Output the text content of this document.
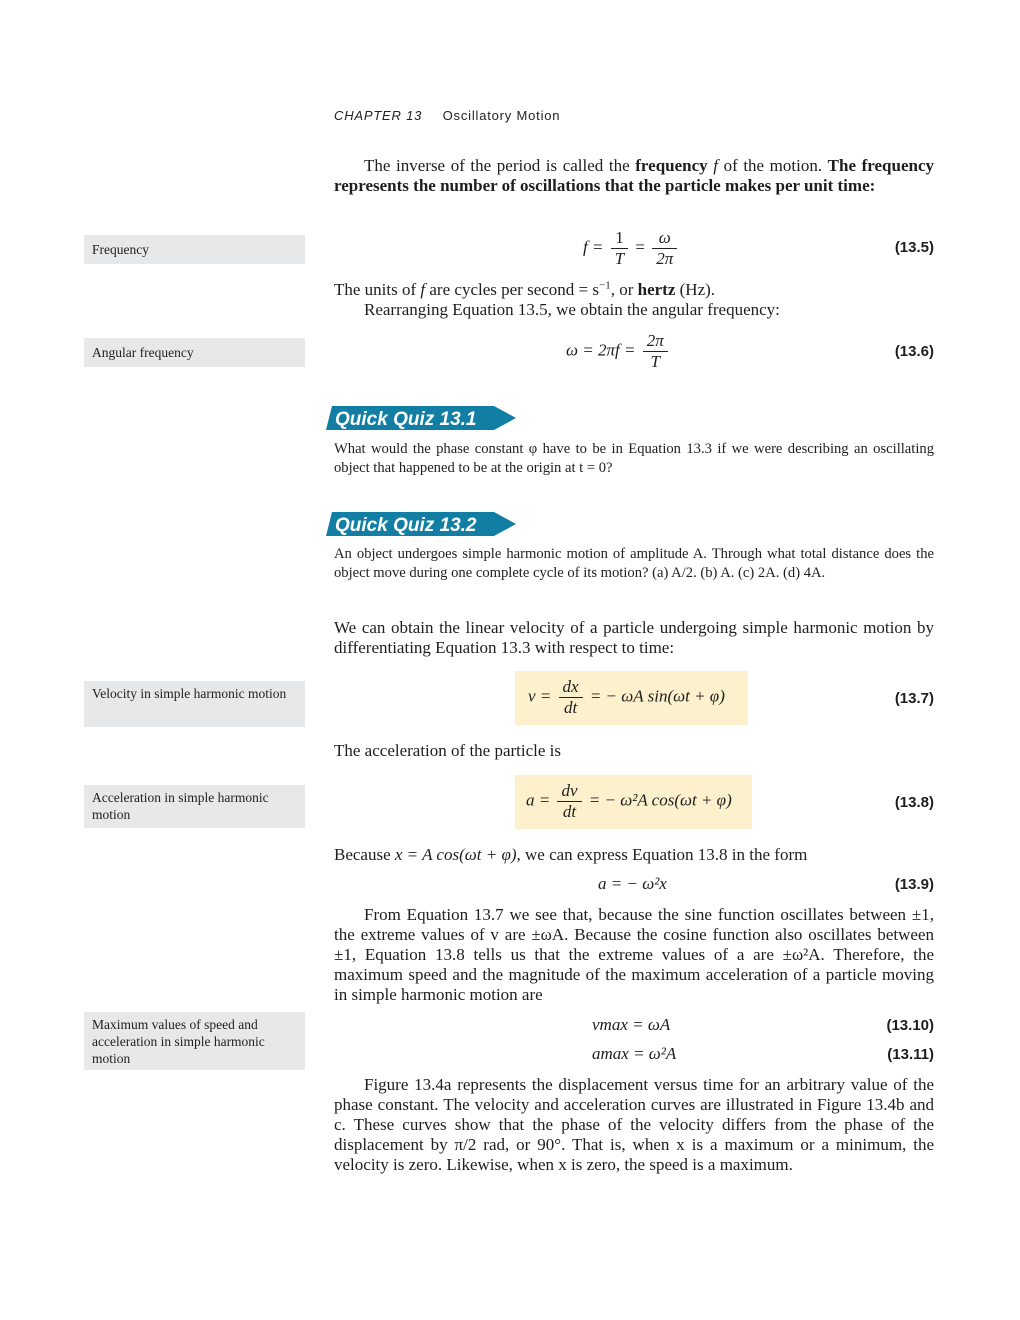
CHAPTER 13 Oscillatory Motion
The inverse of the period is called the frequency f of the motion. The frequency represents the number of oscillations that the particle makes per unit time:
Frequency	$f = \frac{1}{T} = \frac{\omega}{2\pi}$	(13.5)
The units of f are cycles per second = $s^{-1}$, or hertz (Hz).
Rearranging Equation 13.5, we obtain the angular frequency:
Angular frequency	$\omega = 2\pi f = \frac{2\pi}{T}$	(13.6)
Quick Quiz 13.1
What would the phase constant φ have to be in Equation 13.3 if we were describing an oscillating object that happened to be at the origin at t = 0?
Quick Quiz 13.2
An object undergoes simple harmonic motion of amplitude A. Through what total distance does the object move during one complete cycle of its motion? (a) A/2. (b) A. (c) 2A. (d) 4A.
We can obtain the linear velocity of a particle undergoing simple harmonic motion by differentiating Equation 13.3 with respect to time:
Velocity in simple harmonic motion	$v = \frac{dx}{dt}$ = − ωA sin(ωt + φ)	(13.7)
The acceleration of the particle is
Acceleration in simple harmonic motion
$a = \frac{dv}{dt}$ = − ω²A cos(ωt + φ)	(13.8)
Because x = A cos(ωt + φ), we can express Equation 13.8 in the form
a = − ω²x	(13.9)
From Equation 13.7 we see that, because the sine function oscillates between ±1, the extreme values of v are ±ωA. Because the cosine function also oscillates between ±1, Equation 13.8 tells us that the extreme values of a are ±ω²A. Therefore, the maximum speed and the magnitude of the maximum acceleration of a particle moving in simple harmonic motion are
Maximum values of speed and acceleration in simple harmonic motion
vmax = ωA	(13.10)
amax = ω²A	(13.11)
Figure 13.4a represents the displacement versus time for an arbitrary value of the phase constant. The velocity and acceleration curves are illustrated in Figure 13.4b and c. These curves show that the phase of the velocity differs from the phase of the displacement by π/2 rad, or 90°. That is, when x is a maximum or a minimum, the velocity is zero. Likewise, when x is zero, the speed is a maximum.
